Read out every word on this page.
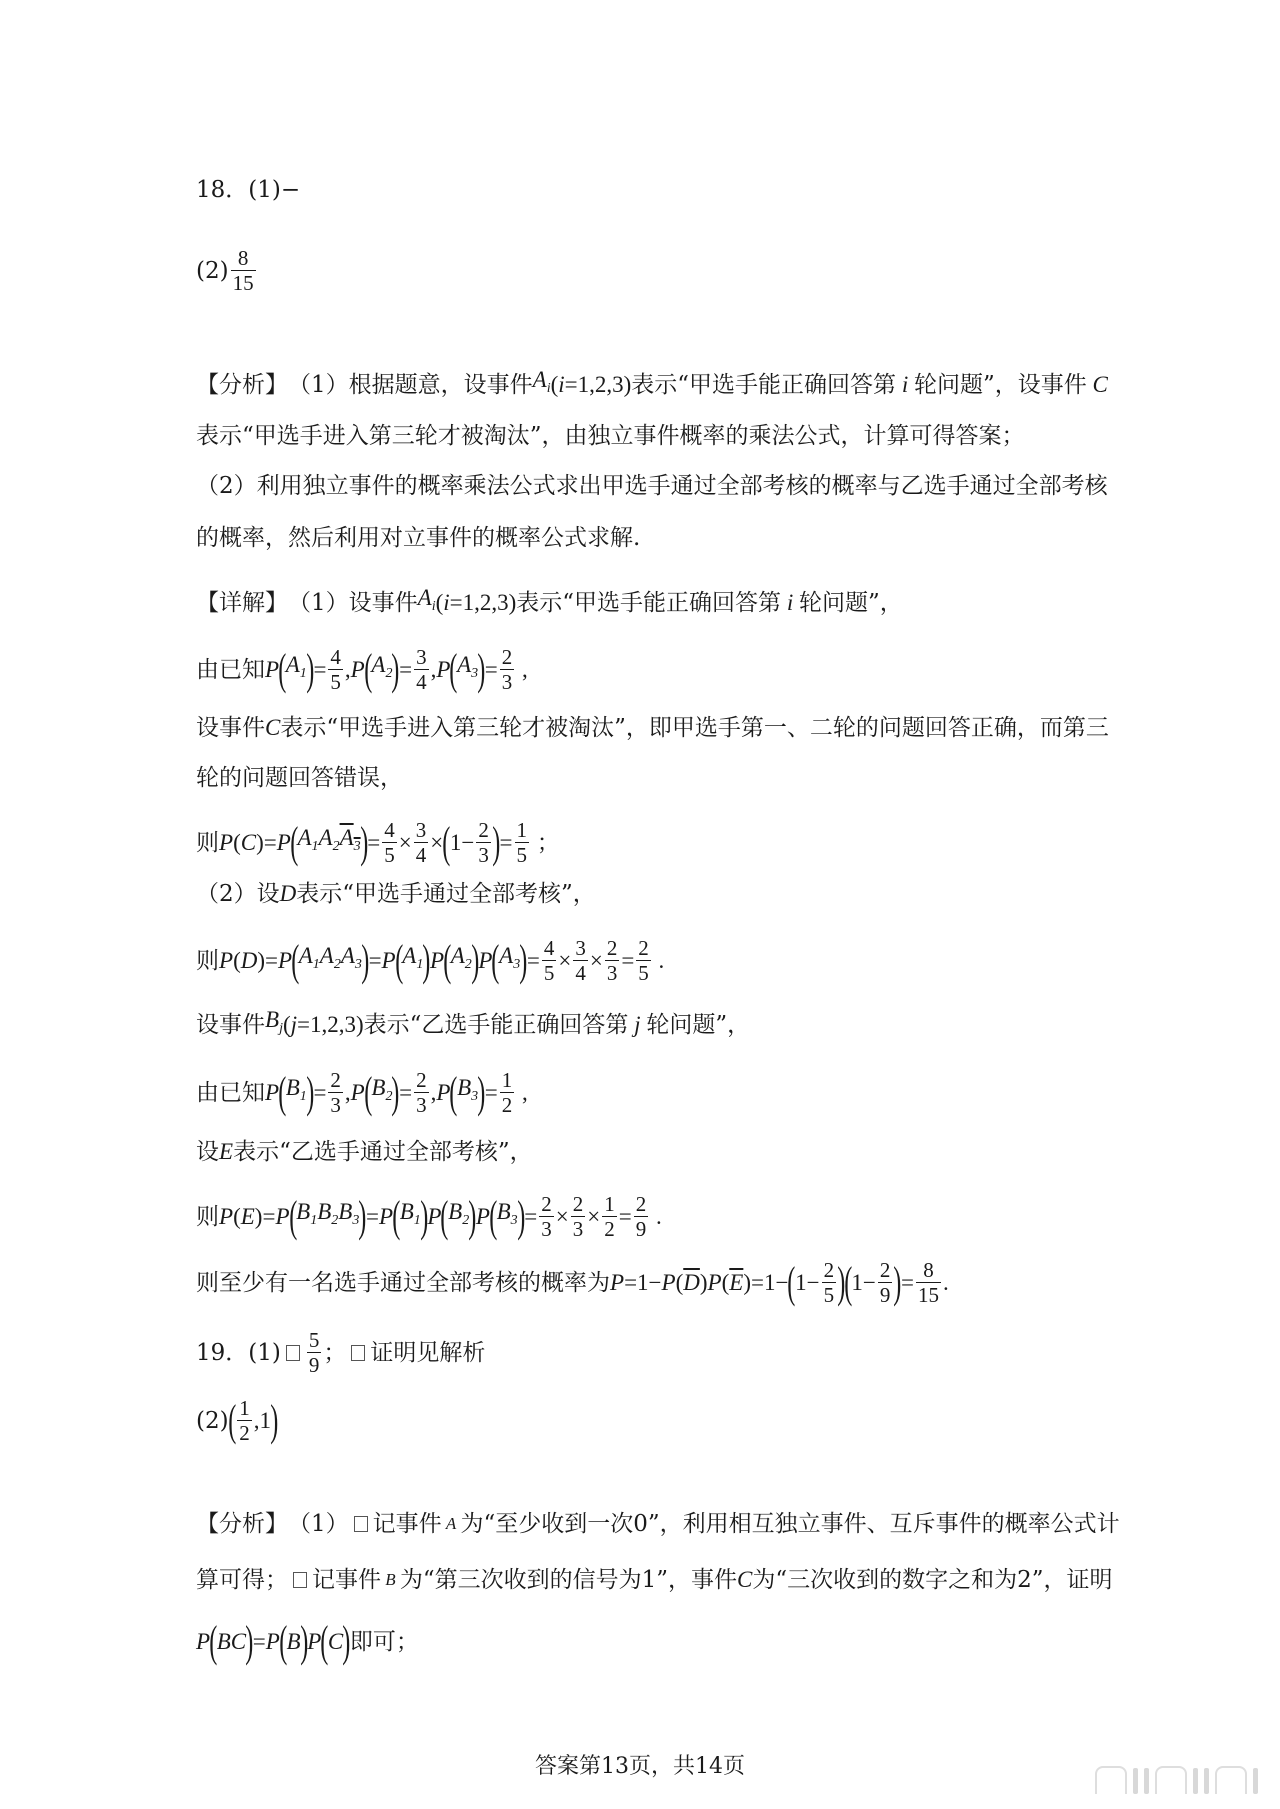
18． (1) −
$(2) \frac{8}{15}$
【分析】 （1）根据题意，设事件 $A_i$ ( i =1,2,3) 表示“甲选手能正确回答第 i 轮问题”，设事件 C
表示“甲选手进入第三轮才被淘汰”，由独立事件概率的乘法公式，计算可得答案；
（2）利用独立事件的概率乘法公式求出甲选手通过全部考核的概率与乙选手通过全部考核
的概率，然后利用对立事件的概率公式求解.
【详解】 （1）设事件 $A_i$ ( i =1,2,3) 表示“甲选手能正确回答第 i 轮问题”，
由已知 P ( $A_1$ ) = $\frac{4}{5}$ , P ( $A_2$ ) = $\frac{3}{4}$ , P ( $A_3$ ) = $\frac{2}{3}$ ,
设事件 C 表示“甲选手进入第三轮才被淘汰”，即甲选手第一、二轮的问题回答正确，而第三
轮的问题回答错误，
则 P ( C )= P ( $A_1A_2A_3$ ) = $\frac{4}{5} \times \frac{3}{4}$ × ( $1- \frac{2}{3}$ ) = $\frac{1}{5}$ ；
（2）设 D 表示“甲选手通过全部考核”，
则 P ( D )= P ( $A_1A_2A_3$ ) = P ( $A_1$ ) P ( $A_2$ ) P ( $A_3$ ) = $\frac{4}{5} \times \frac{3}{4} \times \frac{2}{3} = \frac{2}{5}$ .
设事件 $B_j$ ( j =1,2,3) 表示“乙选手能正确回答第 j 轮问题”，
由已知 P ( $B_1$ ) = $\frac{2}{3}$ , P ( $B_2$ ) = $\frac{2}{3}$ , P ( $B_3$ ) = $\frac{1}{2}$ ,
设 E 表示“乙选手通过全部考核”，
则 P ( E )= P ( $B_1B_2B_3$ ) = P ( $B_1$ ) P ( $B_2$ ) P ( $B_3$ ) = $\frac{2}{3} \times \frac{2}{3} \times \frac{1}{2} = \frac{2}{9}$ .
则至少有一名选手通过全部考核的概率为 P =1− P ( $\overline{D}$ ) P ( $\overline{E}$ )=1− ( $1- \frac{2}{5}$ )
( $1- \frac{2}{9}$ ) = $\frac{8}{15}$ .
19． $(1) \frac{5}{9}$ ； 证明见解析
(2) ( $\frac{1}{2} ,1$ )
【分析】 （1） 记事件 A 为“至少收到一次0”，利用相互独立事件、互斥事件的概率公式计
算可得； 记事件 B 为“第三次收到的信号为1”，事件 C 为“三次收到的数字之和为2”，证明
P ( BC ) = P ( B ) P ( C ) 即可；
答案第13页，共14页
